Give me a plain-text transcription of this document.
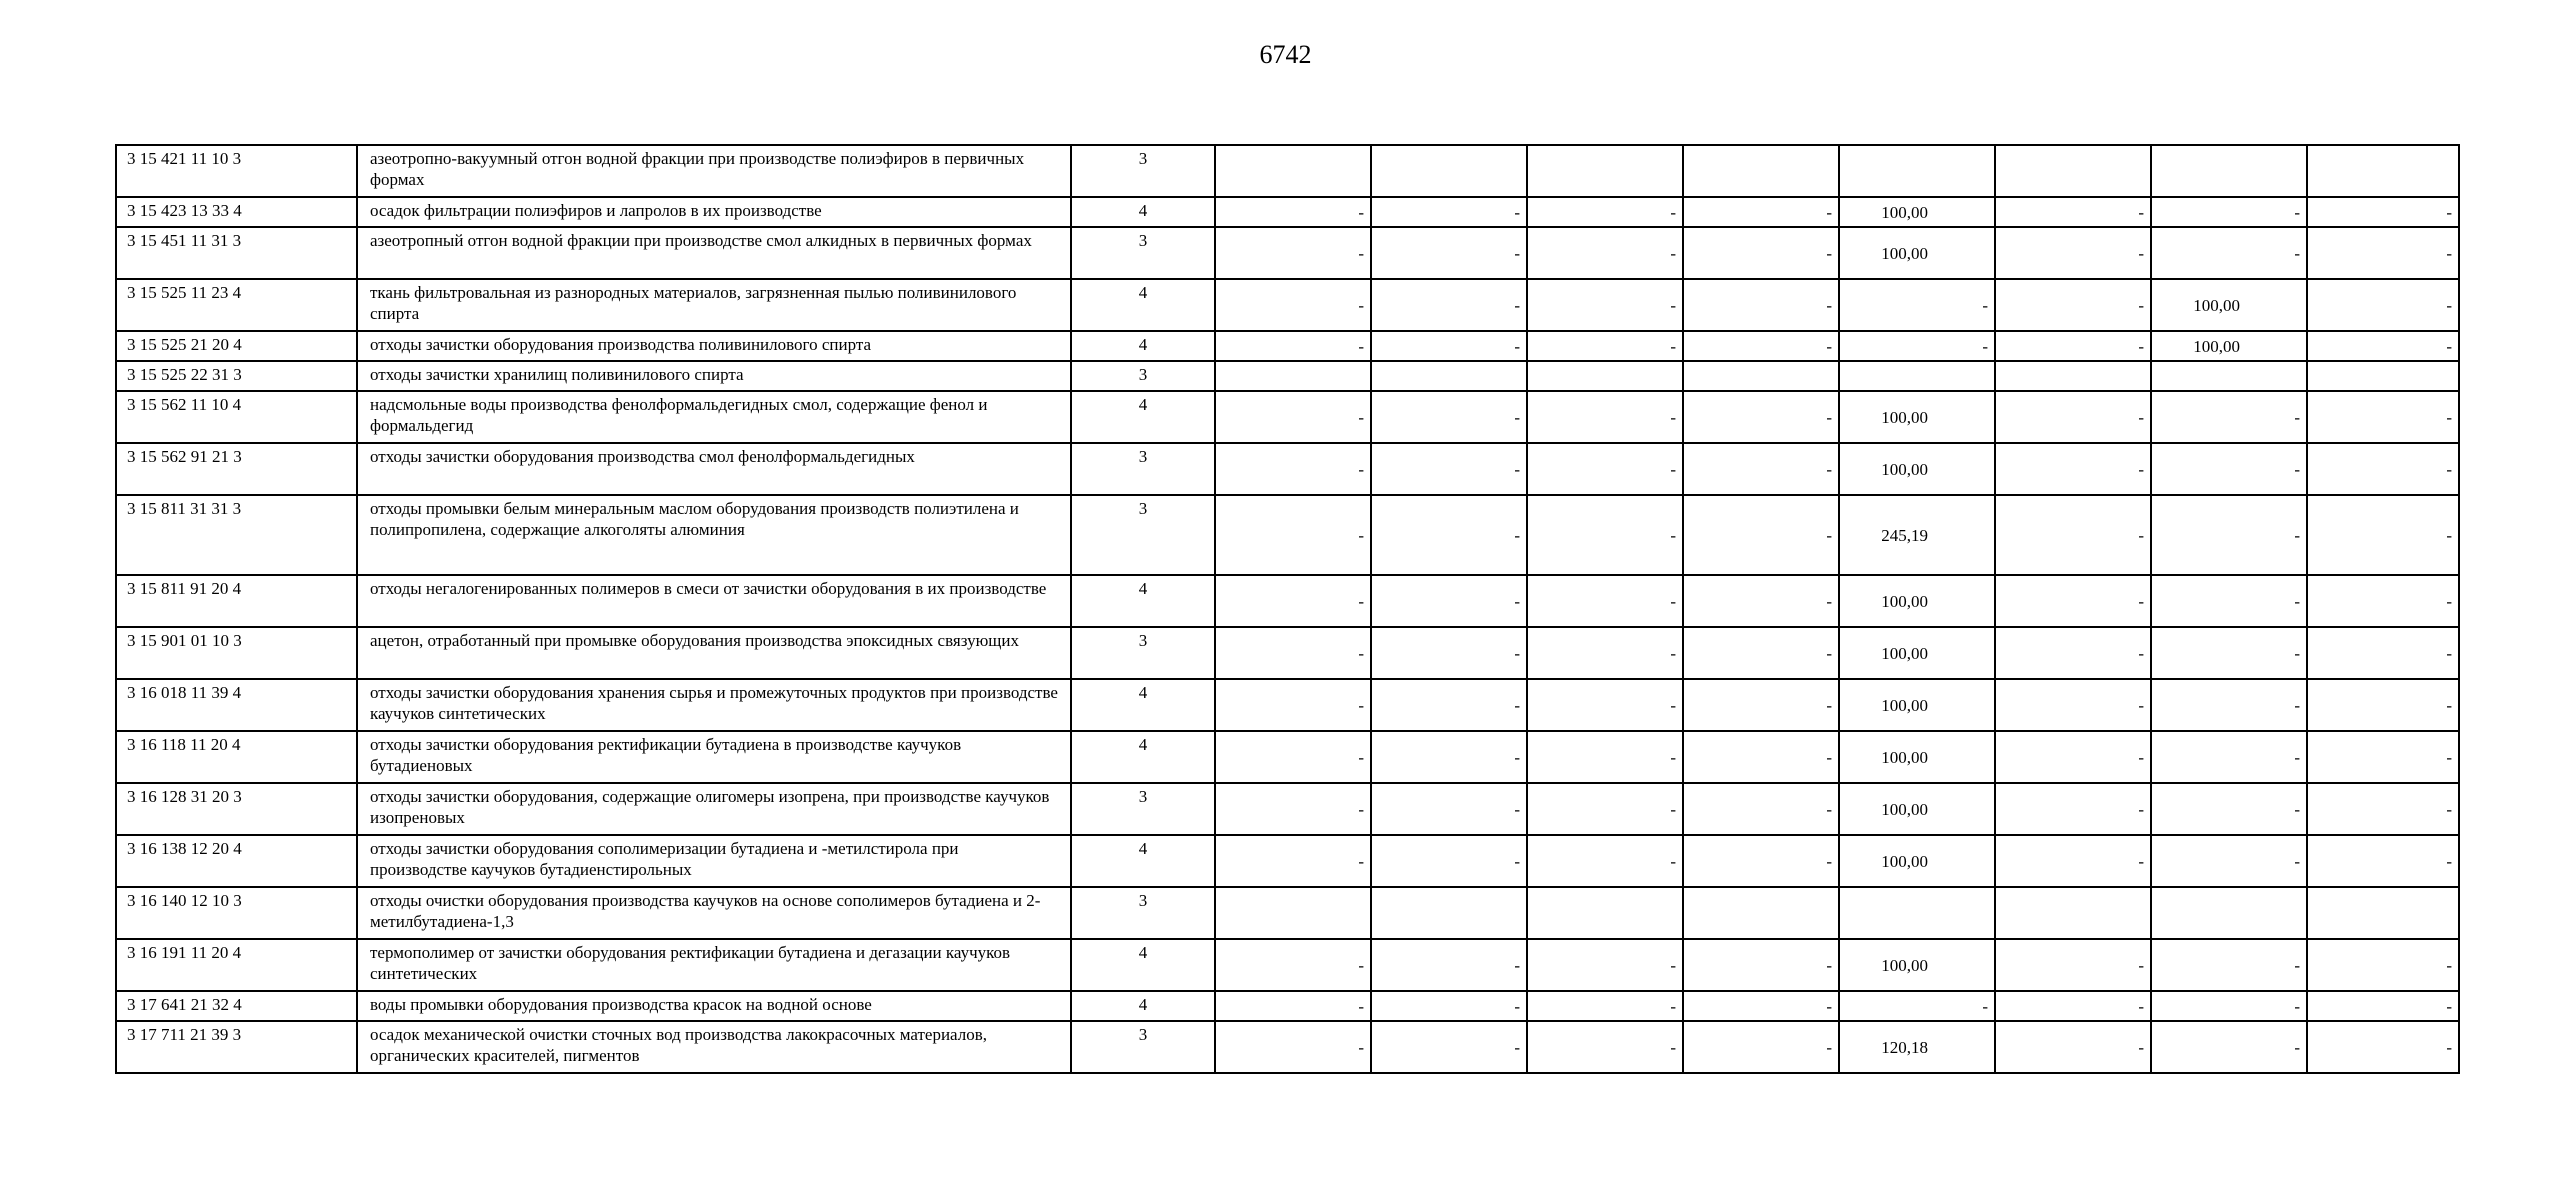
6742
3 15 421 11 10 3	азеотропно-вакуумный отгон водной фракции при производстве полиэфиров в первичных формах	3								
3 15 423 13 33 4	осадок фильтрации полиэфиров и лапролов в их производстве	4	-	-	-	-	100,00	-	-	-
3 15 451 11 31 3	азеотропный отгон водной фракции при производстве смол алкидных в первичных формах	3	-	-	-	-	100,00	-	-	-
3 15 525 11 23 4	ткань фильтровальная из разнородных материалов, загрязненная пылью поливинилового спирта	4	-	-	-	-	-	-	100,00	-
3 15 525 21 20 4	отходы зачистки оборудования производства поливинилового спирта	4	-	-	-	-	-	-	100,00	-
3 15 525 22 31 3	отходы зачистки хранилищ поливинилового спирта	3								
3 15 562 11 10 4	надсмольные воды производства фенолформальдегидных смол, содержащие фенол и формальдегид	4	-	-	-	-	100,00	-	-	-
3 15 562 91 21 3	отходы зачистки оборудования производства смол фенолформальдегидных	3	-	-	-	-	100,00	-	-	-
3 15 811 31 31 3	отходы промывки белым минеральным маслом оборудования производств полиэтилена и полипропилена, содержащие алкоголяты алюминия	3	-	-	-	-	245,19	-	-	-
3 15 811 91 20 4	отходы негалогенированных полимеров в смеси от зачистки оборудования в их производстве	4	-	-	-	-	100,00	-	-	-
3 15 901 01 10 3	ацетон, отработанный при промывке оборудования производства эпоксидных связующих	3	-	-	-	-	100,00	-	-	-
3 16 018 11 39 4	отходы зачистки оборудования хранения сырья и промежуточных продуктов при производстве каучуков синтетических	4	-	-	-	-	100,00	-	-	-
3 16 118 11 20 4	отходы зачистки оборудования ректификации бутадиена в производстве каучуков бутадиеновых	4	-	-	-	-	100,00	-	-	-
3 16 128 31 20 3	отходы зачистки оборудования, содержащие олигомеры изопрена, при производстве каучуков изопреновых	3	-	-	-	-	100,00	-	-	-
3 16 138 12 20 4	отходы зачистки оборудования сополимеризации бутадиена и -метилстирола при производстве каучуков бутадиенстирольных	4	-	-	-	-	100,00	-	-	-
3 16 140 12 10 3	отходы очистки оборудования производства каучуков на основе сополимеров бутадиена и 2-метилбутадиена-1,3	3								
3 16 191 11 20 4	термополимер от зачистки оборудования ректификации бутадиена и дегазации каучуков синтетических	4	-	-	-	-	100,00	-	-	-
3 17 641 21 32 4	воды промывки оборудования производства красок на водной основе	4	-	-	-	-	-	-	-	-
3 17 711 21 39 3	осадок механической очистки сточных вод производства лакокрасочных материалов, органических красителей, пигментов	3	-	-	-	-	120,18	-	-	-
